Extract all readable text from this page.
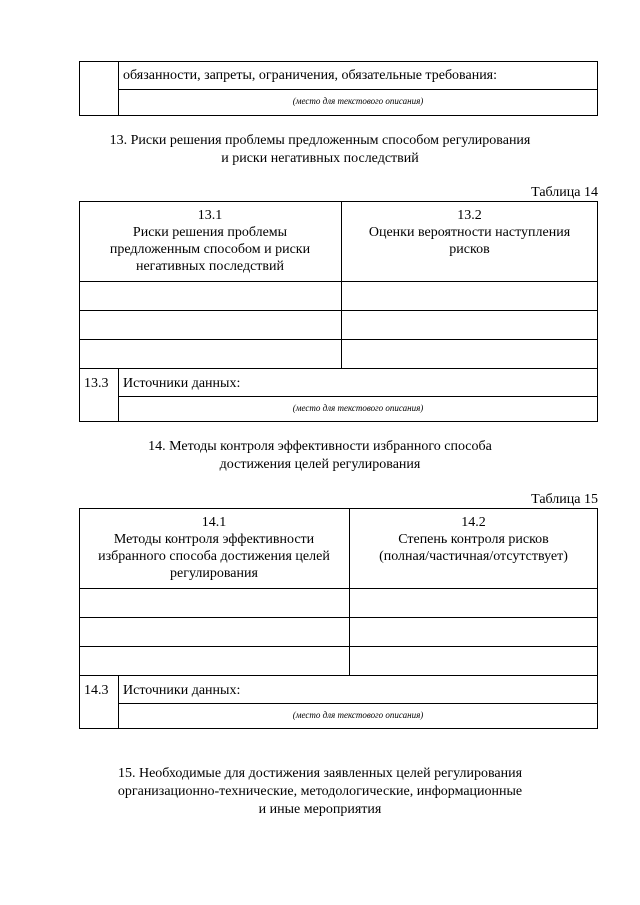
обязанности, запреты, ограничения, обязательные требования:
(место для текстового описания)
13. Риски решения проблемы предложенным способом регулирования
и риски негативных последствий
Таблица 14
13.1
Риски решения проблемы
предложенным способом и риски
негативных последствий
13.2
Оценки вероятности наступления
рисков
13.3	Источники данных:
(место для текстового описания)
14. Методы контроля эффективности избранного способа
достижения целей регулирования
Таблица 15
14.1
Методы контроля эффективности
избранного способа достижения целей
регулирования
14.2
Степень контроля рисков
(полная/частичная/отсутствует)
14.3	Источники данных:
(место для текстового описания)
15. Необходимые для достижения заявленных целей регулирования
организационно-технические, методологические, информационные
и иные мероприятия
